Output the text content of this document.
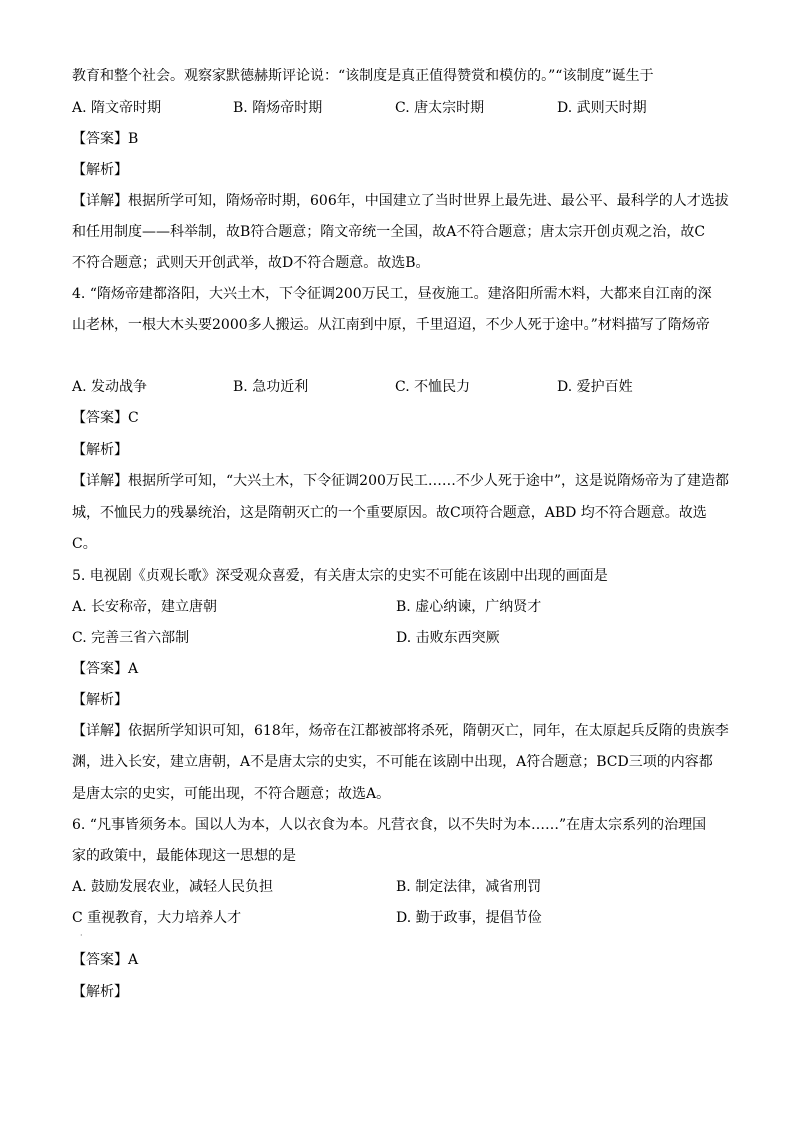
教育和整个社会。观察家默德赫斯评论说：“该制度是真正值得赞赏和模仿的。”“该制度”诞生于
A. 隋文帝时期	B. 隋炀帝时期	C. 唐太宗时期	D. 武则天时期
【答案】B
【解析】
【详解】根据所学可知，隋炀帝时期，606年，中国建立了当时世界上最先进、最公平、最科学的人才选拔
和任用制度——科举制，故B符合题意；隋文帝统一全国，故A不符合题意；唐太宗开创贞观之治，故C
不符合题意；武则天开创武举，故D不符合题意。故选B。
4. “隋炀帝建都洛阳，大兴土木，下令征调200万民工，昼夜施工。建洛阳所需木料，大都来自江南的深
山老林，一根大木头要2000多人搬运。从江南到中原，千里迢迢，不少人死于途中。”材料描写了隋炀帝
A. 发动战争	B. 急功近利	C. 不恤民力	D. 爱护百姓
【答案】C
【解析】
【详解】根据所学可知，“大兴土木，下令征调200万民工……不少人死于途中”，这是说隋炀帝为了建造都
城，不恤民力的残暴统治，这是隋朝灭亡的一个重要原因。故C项符合题意，ABD 均不符合题意。故选
C。
5. 电视剧《贞观长歌》深受观众喜爱，有关唐太宗的史实不可能在该剧中出现的画面是
A. 长安称帝，建立唐朝	B. 虚心纳谏，广纳贤才
C. 完善三省六部制	D. 击败东西突厥
【答案】A
【解析】
【详解】依据所学知识可知，618年，炀帝在江都被部将杀死，隋朝灭亡，同年，在太原起兵反隋的贵族李
渊，进入长安，建立唐朝，A不是唐太宗的史实，不可能在该剧中出现，A符合题意；BCD三项的内容都
是唐太宗的史实，可能出现，不符合题意；故选A。
6. “凡事皆须务本。国以人为本，人以衣食为本。凡营衣食，以不失时为本……”在唐太宗系列的治理国
家的政策中，最能体现这一思想的是
A. 鼓励发展农业，减轻人民负担	B. 制定法律，减省刑罚
C 重视教育，大力培养人才	D. 勤于政事，提倡节俭
·
【答案】A
【解析】
